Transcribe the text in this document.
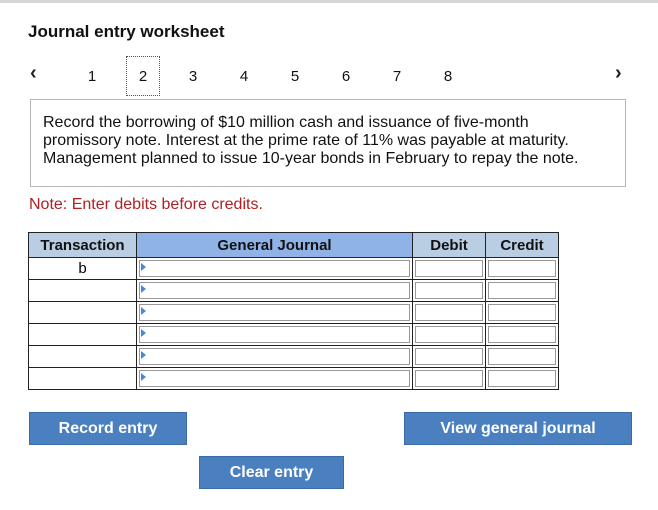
Journal entry worksheet
‹	1	2	3	4	5	6	7	8	›
Record the borrowing of $10 million cash and issuance of five-month promissory note. Interest at the prime rate of 11% was payable at maturity. Management planned to issue 10-year bonds in February to repay the note.
Note: Enter debits before credits.
Transaction	General Journal	Debit	Credit
b	

Record entry	View general journal
Clear entry
